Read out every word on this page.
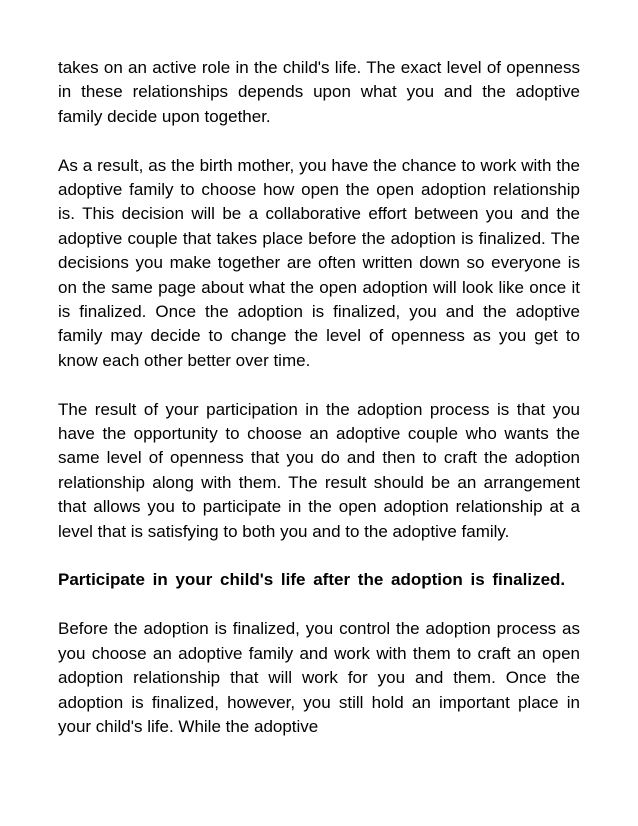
takes on an active role in the child's life. The exact level of openness in these relationships depends upon what you and the adoptive family decide upon together.

As a result, as the birth mother, you have the chance to work with the adoptive family to choose how open the open adoption relationship is. This decision will be a collaborative effort between you and the adoptive couple that takes place before the adoption is finalized. The decisions you make together are often written down so everyone is on the same page about what the open adoption will look like once it is finalized. Once the adoption is finalized, you and the adoptive family may decide to change the level of openness as you get to know each other better over time.

The result of your participation in the adoption process is that you have the opportunity to choose an adoptive couple who wants the same level of openness that you do and then to craft the adoption relationship along with them. The result should be an arrangement that allows you to participate in the open adoption relationship at a level that is satisfying to both you and to the adoptive family.

Participate in your child's life after the adoption is finalized.

Before the adoption is finalized, you control the adoption process as you choose an adoptive family and work with them to craft an open adoption relationship that will work for you and them. Once the adoption is finalized, however, you still hold an important place in your child's life. While the adoptive
